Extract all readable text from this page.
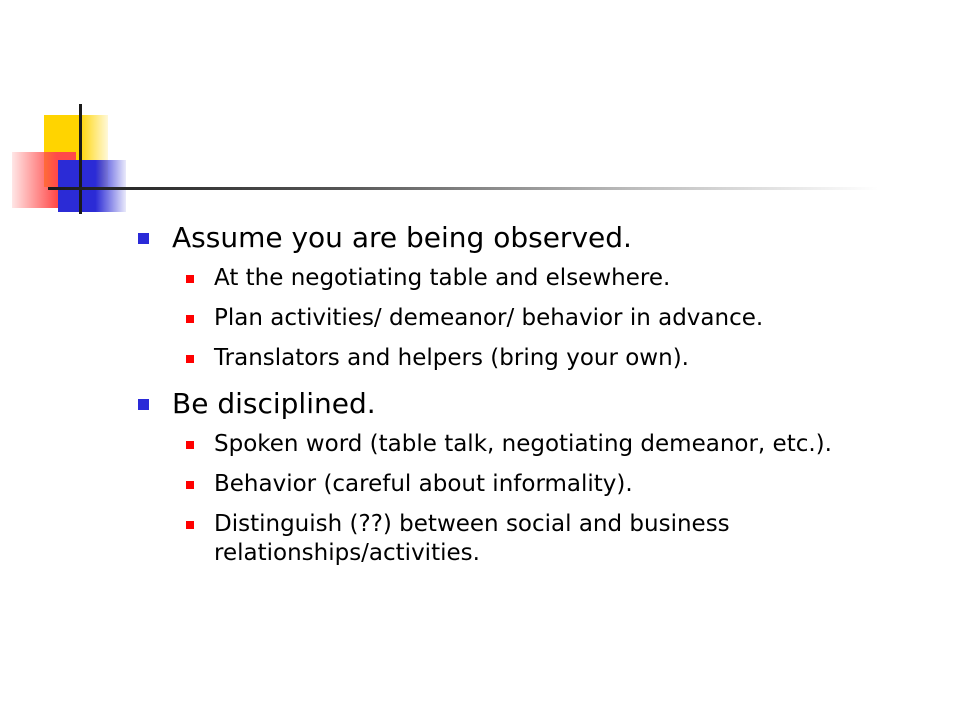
Assume you are being observed.
At the negotiating table and elsewhere.
Plan activities/ demeanor/ behavior in advance.
Translators and helpers (bring your own).
Be disciplined.
Spoken word (table talk, negotiating demeanor, etc.).
Behavior (careful about informality).
Distinguish (??) between social and business relationships/activities.
